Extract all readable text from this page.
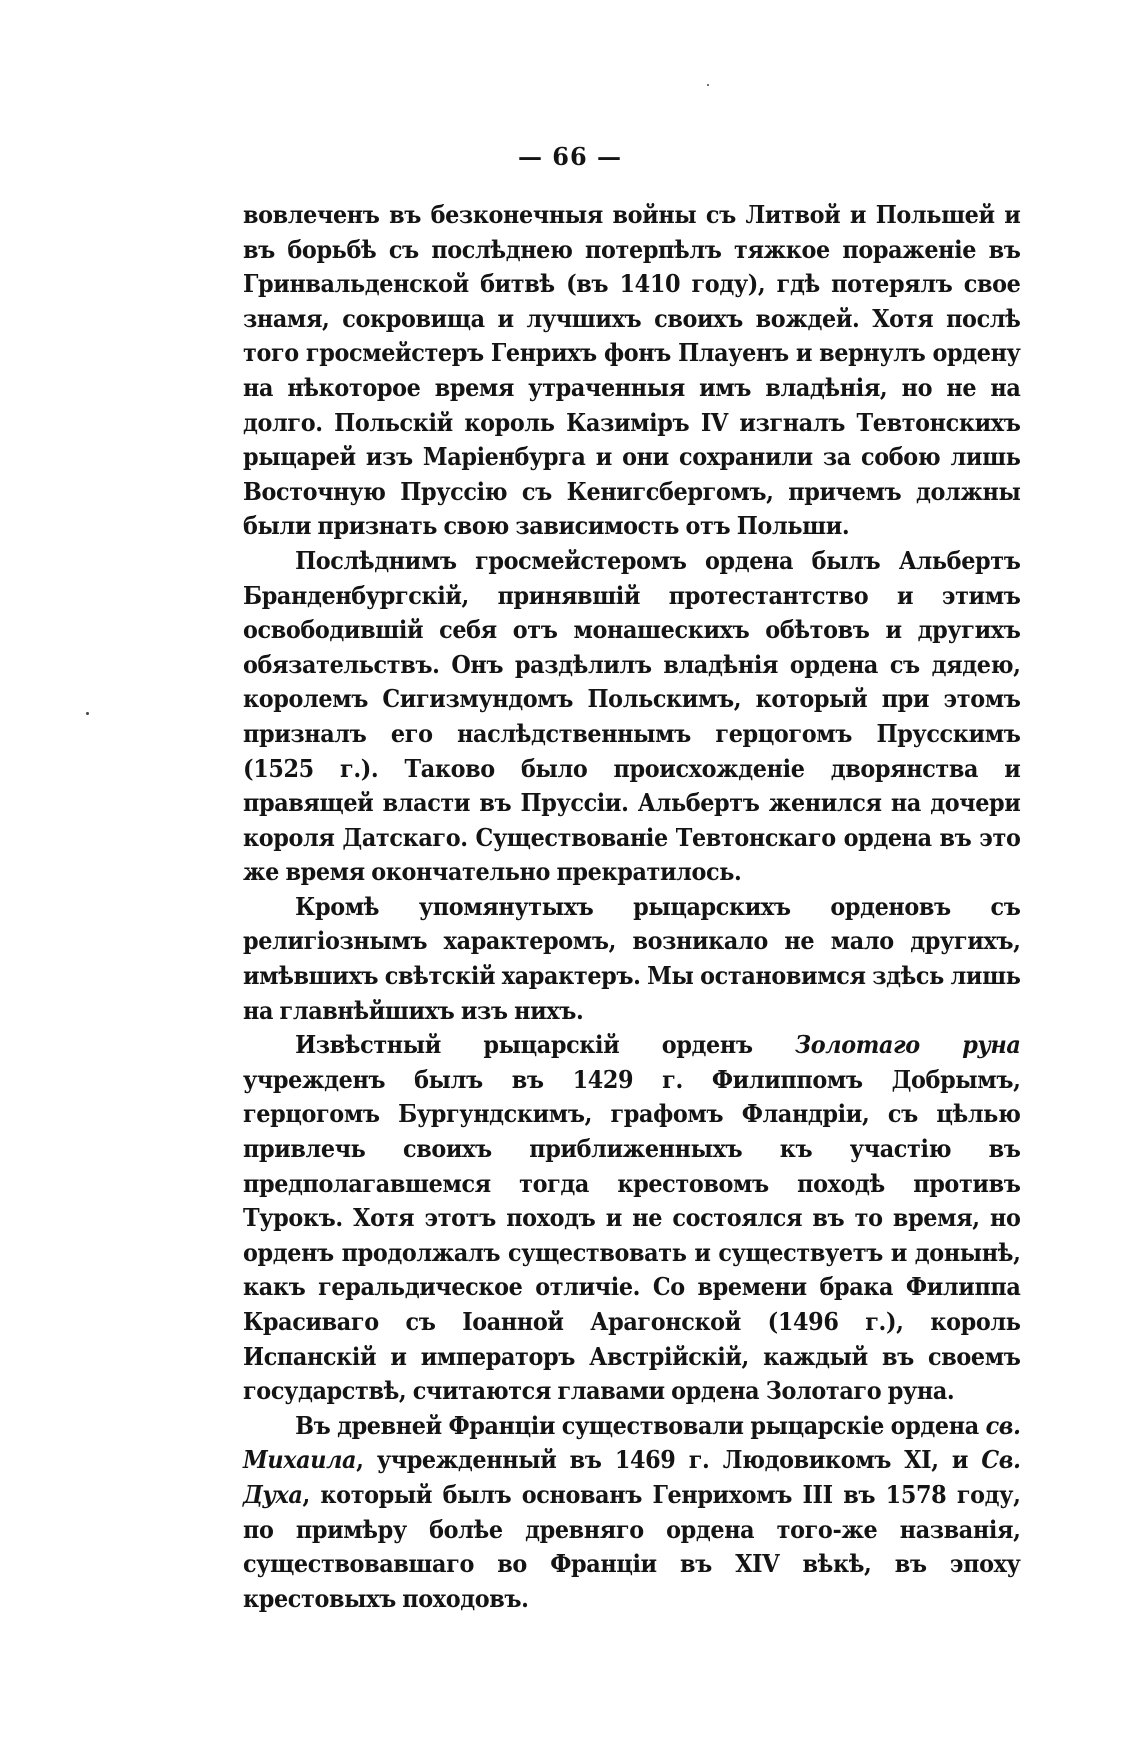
— 66 —

вовлеченъ въ безконечныя войны съ Литвой и Польшей и въ борьбѣ съ послѣднею потерпѣлъ тяжкое пораженіе въ Гринвальденской битвѣ (въ 1410 году), гдѣ потерялъ свое знамя, сокровища и лучшихъ своихъ вождей. Хотя послѣ того гросмейстеръ Генрихъ фонъ Плауенъ и вернулъ ордену на нѣкоторое время утраченныя имъ владѣнія, но не на долго. Польскій король Казиміръ IV изгналъ Тевтонскихъ рыцарей изъ Маріенбурга и они сохранили за собою лишь Восточную Пруссію съ Кенигсбергомъ, причемъ должны были признать свою зависимость отъ Польши.

Послѣднимъ гросмейстеромъ ордена былъ Альбертъ Бранденбургскій, принявшій протестантство и этимъ освободившій себя отъ монашескихъ обѣтовъ и другихъ обязательствъ. Онъ раздѣлилъ владѣнія ордена съ дядею, королемъ Сигизмундомъ Польскимъ, который при этомъ призналъ его наслѣдственнымъ герцогомъ Прусскимъ (1525 г.). Таково было происхожденіе дворянства и правящей власти въ Пруссіи. Альбертъ женился на дочери короля Датскаго. Существованіе Тевтонскаго ордена въ это же время окончательно прекратилось.

Кромѣ упомянутыхъ рыцарскихъ орденовъ съ религіознымъ характеромъ, возникало не мало другихъ, имѣвшихъ свѣтскій характеръ. Мы остановимся здѣсь лишь на главнѣйшихъ изъ нихъ.

Извѣстный рыцарскій орденъ Золотаго руна учрежденъ былъ въ 1429 г. Филиппомъ Добрымъ, герцогомъ Бургундскимъ, графомъ Фландріи, съ цѣлью привлечь своихъ приближенныхъ къ участію въ предполагавшемся тогда крестовомъ походѣ противъ Турокъ. Хотя этотъ походъ и не состоялся въ то время, но орденъ продолжалъ существовать и существуетъ и донынѣ, какъ геральдическое отличіе. Со времени брака Филиппа Красиваго съ Іоанной Арагонской (1496 г.), король Испанскій и императоръ Австрійскій, каждый въ своемъ государствѣ, считаются главами ордена Золотаго руна.

Въ древней Франціи существовали рыцарскіе ордена св. Михаила, учрежденный въ 1469 г. Людовикомъ XI, и Св. Духа, который былъ основанъ Генрихомъ III въ 1578 году, по примѣру болѣе древняго ордена того-же названія, существовавшаго во Франціи въ XIV вѣкѣ, въ эпоху крестовыхъ походовъ.
